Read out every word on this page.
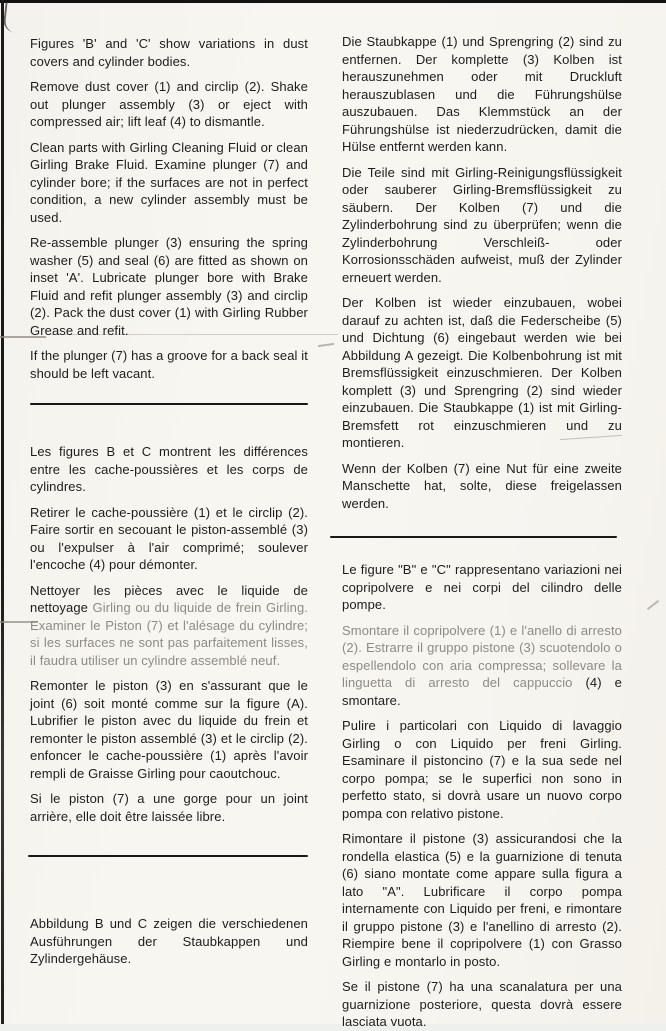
Figures 'B' and 'C' show variations in dust covers and cylinder bodies.

Remove dust cover (1) and circlip (2). Shake out plunger assembly (3) or eject with compressed air; lift leaf (4) to dismantle.

Clean parts with Girling Cleaning Fluid or clean Girling Brake Fluid. Examine plunger (7) and cylinder bore; if the surfaces are not in perfect condition, a new cylinder assembly must be used.

Re-assemble plunger (3) ensuring the spring washer (5) and seal (6) are fitted as shown on inset 'A'. Lubricate plunger bore with Brake Fluid and refit plunger assembly (3) and circlip (2). Pack the dust cover (1) with Girling Rubber Grease and refit.

If the plunger (7) has a groove for a back seal it should be left vacant.

Les figures B et C montrent les différences entre les cache-poussières et les corps de cylindres.

Retirer le cache-poussière (1) et le circlip (2). Faire sortir en secouant le piston-assemblé (3) ou l'expulser à l'air comprimé; soulever l'encoche (4) pour démonter.

Nettoyer les pièces avec le liquide de nettoyage Girling ou du liquide de frein Girling. Examiner le Piston (7) et l'alésage du cylindre; si les surfaces ne sont pas parfaitement lisses, il faudra utiliser un cylindre assemblé neuf.

Remonter le piston (3) en s'assurant que le joint (6) soit monté comme sur la figure (A). Lubrifier le piston avec du liquide du frein et remonter le piston assemblé (3) et le circlip (2). enfoncer le cache-poussière (1) après l'avoir rempli de Graisse Girling pour caoutchouc.

Si le piston (7) a une gorge pour un joint arrière, elle doit être laissée libre.

Abbildung B und C zeigen die verschiedenen Ausführungen der Staubkappen und Zylindergehäuse.

Die Staubkappe (1) und Sprengring (2) sind zu entfernen. Der komplette (3) Kolben ist herauszunehmen oder mit Druckluft herauszublasen und die Führungshülse auszubauen. Das Klemmstück an der Führungshülse ist niederzudrücken, damit die Hülse entfernt werden kann.

Die Teile sind mit Girling-Reinigungsflüssigkeit oder sauberer Girling-Bremsflüssigkeit zu säubern. Der Kolben (7) und die Zylinderbohrung sind zu überprüfen; wenn die Zylinderbohrung Verschleiß- oder Korrosionsschäden aufweist, muß der Zylinder erneuert werden.

Der Kolben ist wieder einzubauen, wobei darauf zu achten ist, daß die Federscheibe (5) und Dichtung (6) eingebaut werden wie bei Abbildung A gezeigt. Die Kolbenbohrung ist mit Bremsflüssigkeit einzuschmieren. Der Kolben komplett (3) und Sprengring (2) sind wieder einzubauen. Die Staubkappe (1) ist mit Girling-Bremsfett rot einzuschmieren und zu montieren.

Wenn der Kolben (7) eine Nut für eine zweite Manschette hat, solte, diese freigelassen werden.

Le figure "B" e "C" rappresentano variazioni nei copripolvere e nei corpi del cilindro delle pompe.

Smontare il copripolvere (1) e l'anello di arresto (2). Estrarre il gruppo pistone (3) scuotendolo o espellendolo con aria compressa; sollevare la linguetta di arresto del cappuccio (4) e smontare.

Pulire i particolari con Liquido di lavaggio Girling o con Liquido per freni Girling. Esaminare il pistoncino (7) e la sua sede nel corpo pompa; se le superfici non sono in perfetto stato, si dovrà usare un nuovo corpo pompa con relativo pistone.

Rimontare il pistone (3) assicurandosi che la rondella elastica (5) e la guarnizione di tenuta (6) siano montate come appare sulla figura a lato "A". Lubrificare il corpo pompa internamente con Liquido per freni, e rimontare il gruppo pistone (3) e l'anellino di arresto (2). Riempire bene il copripolvere (1) con Grasso Girling e montarlo in posto.

Se il pistone (7) ha una scanalatura per una guarnizione posteriore, questa dovrà essere lasciata vuota.
